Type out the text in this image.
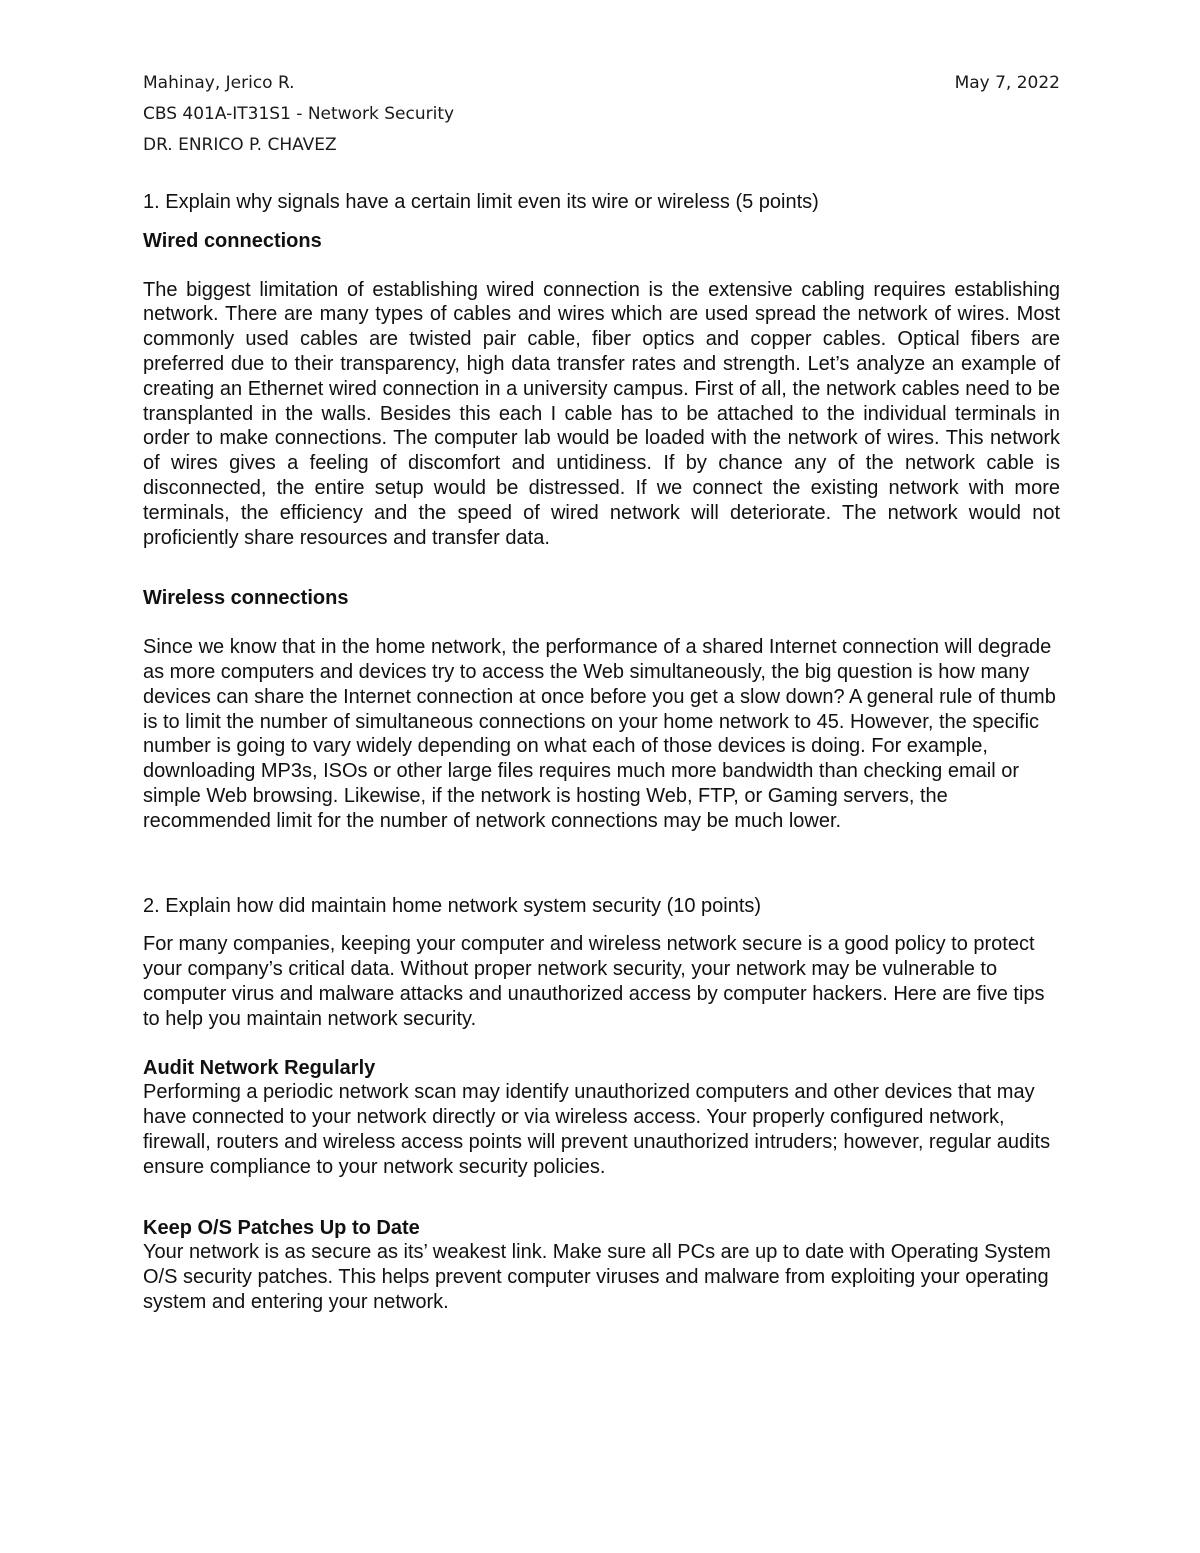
Mahinay, Jerico R.	May 7, 2022
CBS 401A-IT31S1 - Network Security
DR. ENRICO P. CHAVEZ

1. Explain why signals have a certain limit even its wire or wireless (5 points)

Wired connections

The biggest limitation of establishing wired connection is the extensive cabling requires establishing network. There are many types of cables and wires which are used spread the network of wires. Most commonly used cables are twisted pair cable, fiber optics and copper cables. Optical fibers are preferred due to their transparency, high data transfer rates and strength. Let’s analyze an example of creating an Ethernet wired connection in a university campus. First of all, the network cables need to be transplanted in the walls. Besides this each I cable has to be attached to the individual terminals in order to make connections. The computer lab would be loaded with the network of wires. This network of wires gives a feeling of discomfort and untidiness. If by chance any of the network cable is disconnected, the entire setup would be distressed. If we connect the existing network with more terminals, the efficiency and the speed of wired network will deteriorate. The network would not proficiently share resources and transfer data.

Wireless connections

Since we know that in the home network, the performance of a shared Internet connection will degrade as more computers and devices try to access the Web simultaneously, the big question is how many devices can share the Internet connection at once before you get a slow down? A general rule of thumb is to limit the number of simultaneous connections on your home network to 45. However, the specific number is going to vary widely depending on what each of those devices is doing. For example, downloading MP3s, ISOs or other large files requires much more bandwidth than checking email or simple Web browsing. Likewise, if the network is hosting Web, FTP, or Gaming servers, the recommended limit for the number of network connections may be much lower.

2. Explain how did maintain home network system security (10 points)

For many companies, keeping your computer and wireless network secure is a good policy to protect your company’s critical data. Without proper network security, your network may be vulnerable to computer virus and malware attacks and unauthorized access by computer hackers. Here are five tips to help you maintain network security.

Audit Network Regularly

Performing a periodic network scan may identify unauthorized computers and other devices that may have connected to your network directly or via wireless access. Your properly configured network, firewall, routers and wireless access points will prevent unauthorized intruders; however, regular audits ensure compliance to your network security policies.

Keep O/S Patches Up to Date

Your network is as secure as its’ weakest link. Make sure all PCs are up to date with Operating System O/S security patches. This helps prevent computer viruses and malware from exploiting your operating system and entering your network.
